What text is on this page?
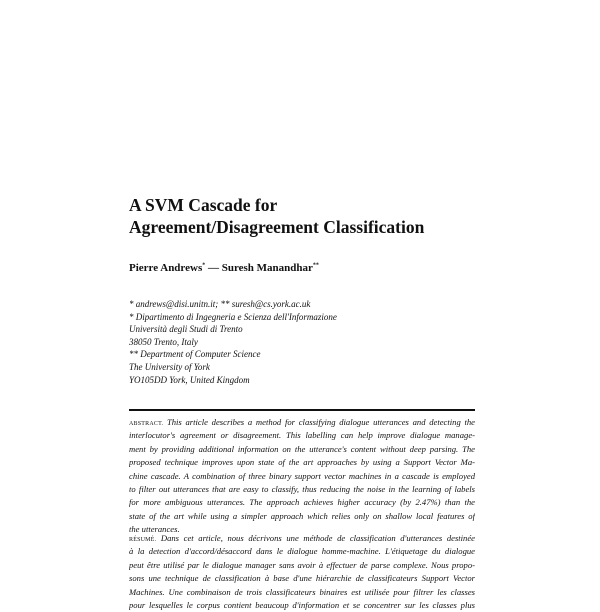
A SVM Cascade for
Agreement/Disagreement Classification
Pierre Andrews* — Suresh Manandhar**
* andrews@disi.unitn.it; ** suresh@cs.york.ac.uk
* Dipartimento di Ingegneria e Scienza dell'Informazione
Università degli Studi di Trento
38050 Trento, Italy
** Department of Computer Science
The University of York
YO105DD York, United Kingdom
ABSTRACT. This article describes a method for classifying dialogue utterances and detecting the
interlocutor's agreement or disagreement. This labelling can help improve dialogue manage-
ment by providing additional information on the utterance's content without deep parsing. The
proposed technique improves upon state of the art approaches by using a Support Vector Ma-
chine cascade. A combination of three binary support vector machines in a cascade is employed
to filter out utterances that are easy to classify, thus reducing the noise in the learning of labels
for more ambiguous utterances. The approach achieves higher accuracy (by 2.47%) than the
state of the art while using a simpler approach which relies only on shallow local features of
the utterances.
RÉSUMÉ. Dans cet article, nous décrivons une méthode de classification d'utterances destinée
à la detection d'accord/désaccord dans le dialogue homme-machine. L'étiquetage du dialogue
peut être utilisé par le dialogue manager sans avoir à effectuer de parse complexe. Nous propo-
sons une technique de classification à base d'une hiérarchie de classificateurs Support Vector
Machines. Une combinaison de trois classificateurs binaires est utilisée pour filtrer les classes
pour lesquelles le corpus contient beaucoup d'information et se concentrer sur les classes plus
